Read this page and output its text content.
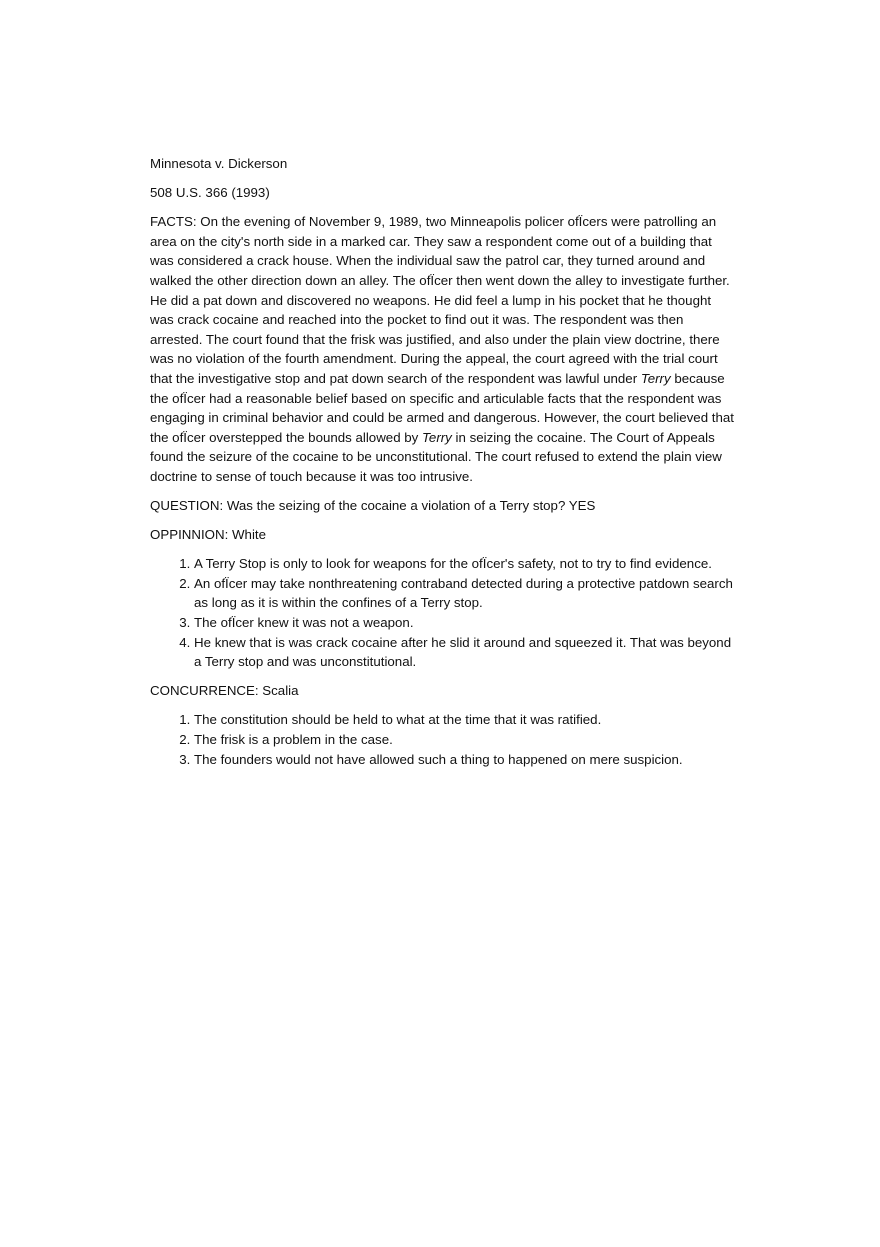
Minnesota v. Dickerson

508 U.S. 366 (1993)

FACTS: On the evening of November 9, 1989, two Minneapolis policer ofÏcers were patrolling an area on the city's north side in a marked car. They saw a respondent come out of a building that was considered a crack house. When the individual saw the patrol car, they turned around and walked the other direction down an alley. The ofÏcer then went down the alley to investigate further. He did a pat down and discovered no weapons. He did feel a lump in his pocket that he thought was crack cocaine and reached into the pocket to find out it was. The respondent was then arrested. The court found that the frisk was justified, and also under the plain view doctrine, there was no violation of the fourth amendment. During the appeal, the court agreed with the trial court that the investigative stop and pat down search of the respondent was lawful under Terry because the ofÏcer had a reasonable belief based on specific and articulable facts that the respondent was engaging in criminal behavior and could be armed and dangerous. However, the court believed that the ofÏcer overstepped the bounds allowed by Terry in seizing the cocaine. The Court of Appeals found the seizure of the cocaine to be unconstitutional. The court refused to extend the plain view doctrine to sense of touch because it was too intrusive.

QUESTION: Was the seizing of the cocaine a violation of a Terry stop? YES

OPPINNION: White

1. A Terry Stop is only to look for weapons for the ofÏcer's safety, not to try to find evidence.
2. An ofÏcer may take nonthreatening contraband detected during a protective patdown search as long as it is within the confines of a Terry stop.
3. The ofÏcer knew it was not a weapon.
4. He knew that is was crack cocaine after he slid it around and squeezed it. That was beyond a Terry stop and was unconstitutional.

CONCURRENCE: Scalia

1. The constitution should be held to what at the time that it was ratified.
2. The frisk is a problem in the case.
3. The founders would not have allowed such a thing to happened on mere suspicion.
